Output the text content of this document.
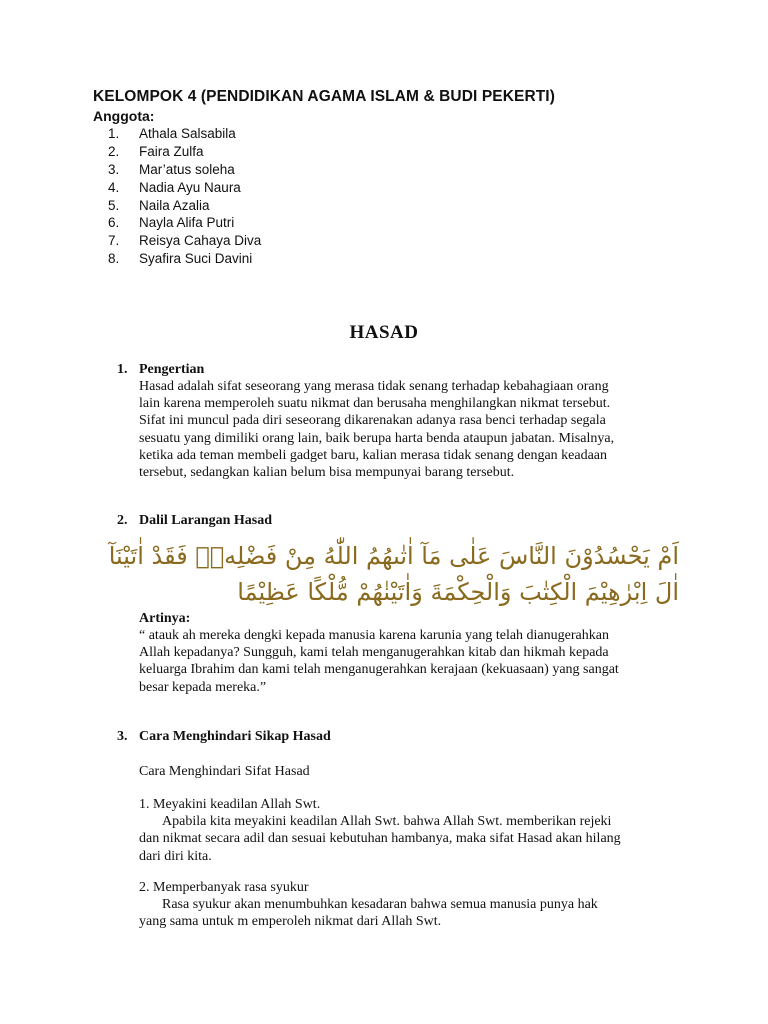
KELOMPOK 4 (PENDIDIKAN AGAMA ISLAM & BUDI PEKERTI)
Anggota:
1. Athala Salsabila
2. Faira Zulfa
3. Mar’atus soleha
4. Nadia Ayu Naura
5. Naila Azalia
6. Nayla Alifa Putri
7. Reisya Cahaya Diva
8. Syafira Suci Davini
HASAD
1. Pengertian

Hasad adalah sifat seseorang yang merasa tidak senang terhadap kebahagiaan orang
lain karena memperoleh suatu nikmat dan berusaha menghilangkan nikmat tersebut.
Sifat ini muncul pada diri seseorang dikarenakan adanya rasa benci terhadap segala
sesuatu yang dimiliki orang lain, baik berupa harta benda ataupun jabatan. Misalnya,
ketika ada teman membeli gadget baru, kalian merasa tidak senang dengan keadaan
tersebut, sedangkan kalian belum bisa mempunyai barang tersebut.

2. Dalil Larangan Hasad
اَمْ يَحْسُدُوْنَ النَّاسَ عَلٰى مَآ اٰتٰىهُمُ اللّٰهُ مِنْ فَضْلِهٖۚ فَقَدْ اٰتَيْنَآ
اٰلَ اِبْرٰهِيْمَ الْكِتٰبَ وَالْحِكْمَةَ وَاٰتَيْنٰهُمْ مُّلْكًا عَظِيْمًا
Artinya:

“ atauk ah mereka dengki kepada manusia karena karunia yang telah dianugerahkan
Allah kepadanya? Sungguh, kami telah menganugerahkan kitab dan hikmah kepada
keluarga Ibrahim dan kami telah menganugerahkan kerajaan (kekuasaan) yang sangat
besar kepada mereka.”

3. Cara Menghindari Sikap Hasad

Cara Menghindari Sifat Hasad

1. Meyakini keadilan Allah Swt.
Apabila kita meyakini keadilan Allah Swt. bahwa Allah Swt. memberikan rejeki
dan nikmat secara adil dan sesuai kebutuhan hambanya, maka sifat Hasad akan hilang
dari diri kita.

2. Memperbanyak rasa syukur
Rasa syukur akan menumbuhkan kesadaran bahwa semua manusia punya hak
yang sama untuk m emperoleh nikmat dari Allah Swt.
